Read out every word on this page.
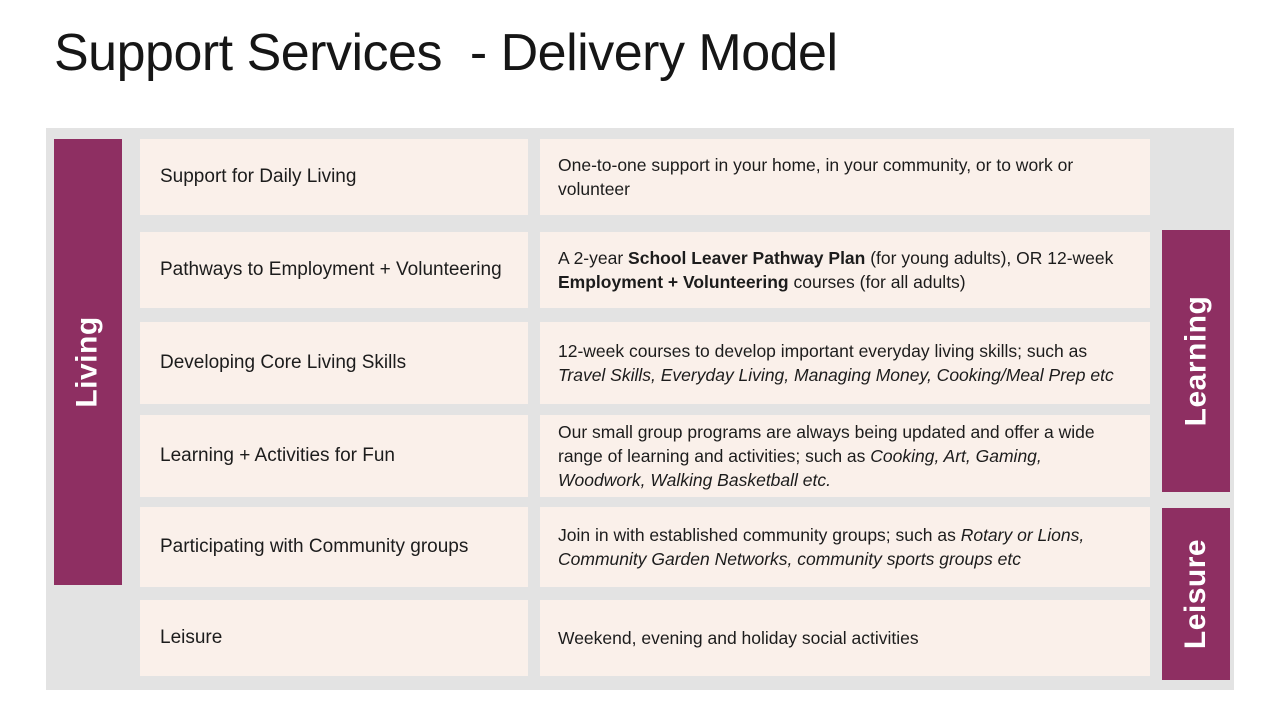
Support Services  - Delivery Model
Living	Learning
Leisure
Support for Daily Living
One-to-one support in your home, in your community, or to work or volunteer
Pathways to Employment + Volunteering
A 2-year School Leaver Pathway Plan (for young adults), OR 12-week Employment + Volunteering courses (for all adults)
Developing Core Living Skills
12-week courses to develop important everyday living skills; such as Travel Skills, Everyday Living, Managing Money, Cooking/Meal Prep etc
Learning + Activities for Fun
Our small group programs are always being updated and offer a wide range of learning and activities; such as Cooking, Art, Gaming, Woodwork, Walking Basketball etc.
Participating with Community groups
Join in with established community groups; such as Rotary or Lions, Community Garden Networks, community sports groups etc
Leisure	Weekend, evening and holiday social activities
